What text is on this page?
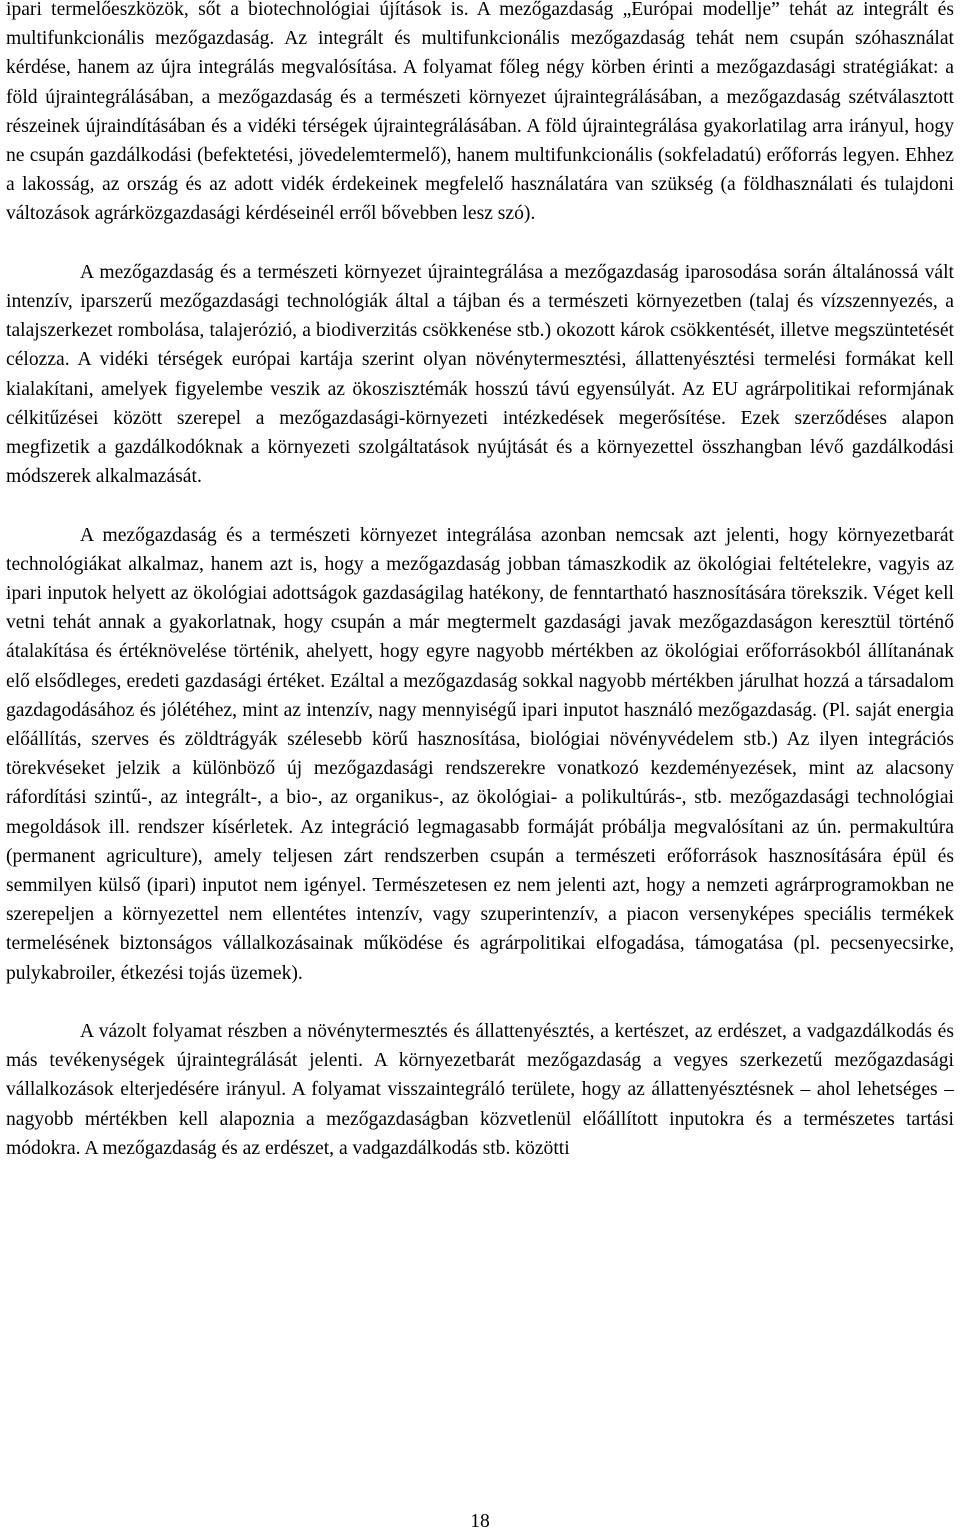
ipari termelőeszközök, sőt a biotechnológiai újítások is. A mezőgazdaság „Európai modellje” tehát az integrált és multifunkcionális mezőgazdaság. Az integrált és multifunkcionális mezőgazdaság tehát nem csupán szóhasználat kérdése, hanem az újra integrálás megvalósítása. A folyamat főleg négy körben érinti a mezőgazdasági stratégiákat: a föld újraintegrálásában, a mezőgazdaság és a természeti környezet újraintegrálásában, a mezőgazdaság szétválasztott részeinek újraindításában és a vidéki térségek újraintegrálásában. A föld újraintegrálása gyakorlatilag arra irányul, hogy ne csupán gazdálkodási (befektetési, jövedelemtermelő), hanem multifunkcionális (sokfeladatú) erőforrás legyen. Ehhez a lakosság, az ország és az adott vidék érdekeinek megfelelő használatára van szükség (a földhasználati és tulajdoni változások agrárközgazdasági kérdéseinél erről bővebben lesz szó).

A mezőgazdaság és a természeti környezet újraintegrálása a mezőgazdaság iparosodása során általánossá vált intenzív, iparszerű mezőgazdasági technológiák által a tájban és a természeti környezetben (talaj és vízszennyezés, a talajszerkezet rombolása, talajerózió, a biodiverzitás csökkenése stb.) okozott károk csökkentését, illetve megszüntetését célozza. A vidéki térségek európai kartája szerint olyan növénytermesztési, állattenyésztési termelési formákat kell kialakítani, amelyek figyelembe veszik az ökoszisztémák hosszú távú egyensúlyát. Az EU agrárpolitikai reformjának célkitűzései között szerepel a mezőgazdasági-környezeti intézkedések megerősítése. Ezek szerződéses alapon megfizetik a gazdálkodóknak a környezeti szolgáltatások nyújtását és a környezettel összhangban lévő gazdálkodási módszerek alkalmazását.

A mezőgazdaság és a természeti környezet integrálása azonban nemcsak azt jelenti, hogy környezetbarát technológiákat alkalmaz, hanem azt is, hogy a mezőgazdaság jobban támaszkodik az ökológiai feltételekre, vagyis az ipari inputok helyett az ökológiai adottságok gazdaságilag hatékony, de fenntartható hasznosítására törekszik. Véget kell vetni tehát annak a gyakorlatnak, hogy csupán a már megtermelt gazdasági javak mezőgazdaságon keresztül történő átalakítása és értéknövelése történik, ahelyett, hogy egyre nagyobb mértékben az ökológiai erőforrásokból állítanának elő elsődleges, eredeti gazdasági értéket. Ezáltal a mezőgazdaság sokkal nagyobb mértékben járulhat hozzá a társadalom gazdagodásához és jólétéhez, mint az intenzív, nagy mennyiségű ipari inputot használó mezőgazdaság. (Pl. saját energia előállítás, szerves és zöldtrágyák szélesebb körű hasznosítása, biológiai növényvédelem stb.) Az ilyen integrációs törekvéseket jelzik a különböző új mezőgazdasági rendszerekre vonatkozó kezdeményezések, mint az alacsony ráfordítási szintű-, az integrált-, a bio-, az organikus-, az ökológiai- a polikultúrás-, stb. mezőgazdasági technológiai megoldások ill. rendszer kísérletek. Az integráció legmagasabb formáját próbálja megvalósítani az ún. permakultúra (permanent agriculture), amely teljesen zárt rendszerben csupán a természeti erőforrások hasznosítására épül és semmilyen külső (ipari) inputot nem igényel. Természetesen ez nem jelenti azt, hogy a nemzeti agrárprogramokban ne szerepeljen a környezettel nem ellentétes intenzív, vagy szuperintenzív, a piacon versenyképes speciális termékek termelésének biztonságos vállalkozásainak működése és agrárpolitikai elfogadása, támogatása (pl. pecsenyecsirke, pulykabroiler, étkezési tojás üzemek).

A vázolt folyamat részben a növénytermesztés és állattenyésztés, a kertészet, az erdészet, a vadgazdálkodás és más tevékenységek újraintegrálását jelenti. A környezetbarát mezőgazdaság a vegyes szerkezetű mezőgazdasági vállalkozások elterjedésére irányul. A folyamat visszaintegráló területe, hogy az állattenyésztésnek – ahol lehetséges – nagyobb mértékben kell alapoznia a mezőgazdaságban közvetlenül előállított inputokra és a természetes tartási módokra. A mezőgazdaság és az erdészet, a vadgazdálkodás stb. közötti

18
